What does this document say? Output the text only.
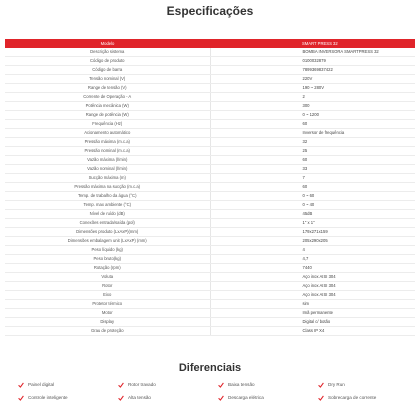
Especificações
Modelo	SMART PRESS 32
Descrição sistema	BOMBA INVERSORA SMARTPRESS 32
Código de produto	0100032879
Código de barra	7899369837422
Tensão nominal (V)	220V
Range de tensão (V)	190 ~ 280V
Corrente de Operação - A	2
Potência mecânica (W)	300
Range de potência (W)	0 ~ 1200
Frequência (Hz)	60
Acionamento automático	Inversor de frequência
Pressão máxima (m.c.a)	32
Pressão nominal (m.c.a)	25
Vazão máxima (l/min)	60
Vazão nominal (l/min)	33
Sucção máxima (m)	7
Pressão máxima na sucção (m.c.a)	60
Temp. de trabalho da água (°C)	0 ~ 60
Temp. max ambiente (°C)	0 ~ 40
Nível de ruído (dB)	45dB
Conexões entrada/saída (pol)	1" x 1"
Dimensões produto (LxAxP)(mm)	179x271x159
Dimensões embalagem unit (LxAxP) (mm)	205x290x205
Peso líquido (kg)	4
Peso bruto(kg)	4,7
Rotação (rpm)	7440
Voluta	Aço inox AISI 304
Rotor	Aço inox AISI 304
Eixo	Aço inox AISI 304
Protetor térmico	sim
Motor	Imã permanente
Display	Digital c/ botão
Grau de proteção	Class IP X4
Diferenciais
Painel digital	Rotor travado	Baixa tensão	Dry Run
Controle inteligente	Alta tensão	Descarga elétrica	Sobrecarga de corrente
